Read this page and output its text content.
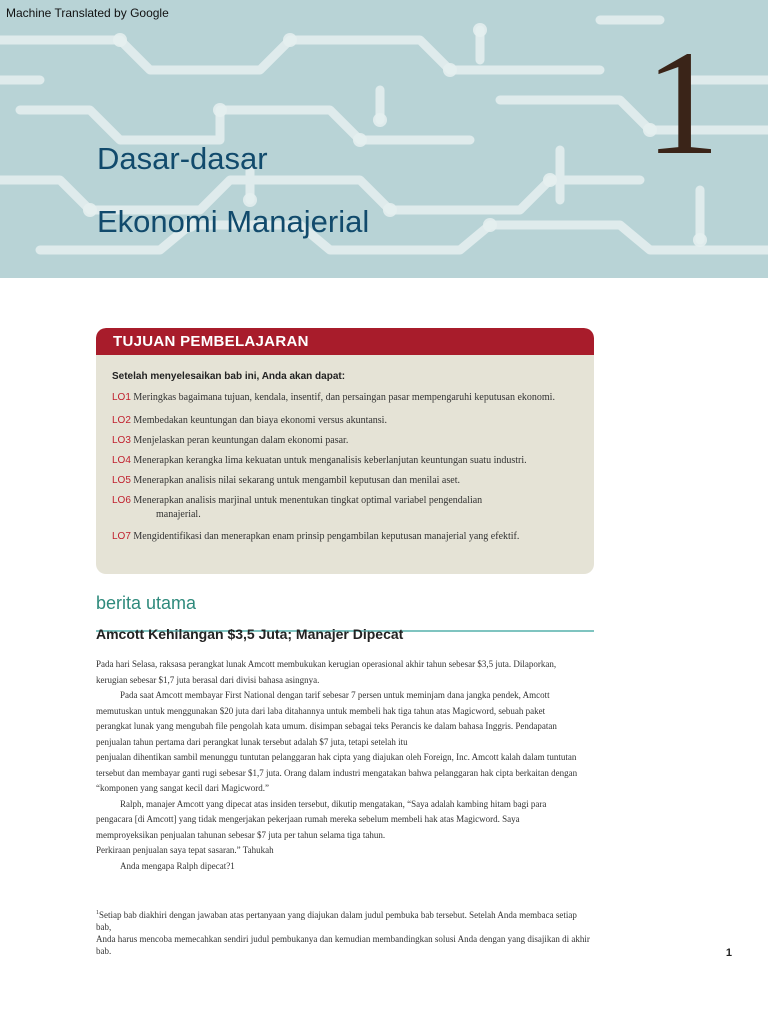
Machine Translated by Google
1
Dasar-dasar
Ekonomi Manajerial
TUJUAN PEMBELAJARAN
Setelah menyelesaikan bab ini, Anda akan dapat:
LO1 Meringkas bagaimana tujuan, kendala, insentif, dan persaingan pasar mempengaruhi keputusan ekonomi.
LO2 Membedakan keuntungan dan biaya ekonomi versus akuntansi.
LO3 Menjelaskan peran keuntungan dalam ekonomi pasar.
LO4 Menerapkan kerangka lima kekuatan untuk menganalisis keberlanjutan keuntungan suatu industri.
LO5 Menerapkan analisis nilai sekarang untuk mengambil keputusan dan menilai aset.
LO6 Menerapkan analisis marjinal untuk menentukan tingkat optimal variabel pengendalian
manajerial.
LO7 Mengidentifikasi dan menerapkan enam prinsip pengambilan keputusan manajerial yang efektif.
berita utama
Amcott Kehilangan $3,5 Juta; Manajer Dipecat

Pada hari Selasa, raksasa perangkat lunak Amcott membukukan kerugian operasional akhir tahun sebesar $3,5 juta. Dilaporkan,

kerugian sebesar $1,7 juta berasal dari divisi bahasa asingnya.

Pada saat Amcott membayar First National dengan tarif sebesar 7 persen untuk meminjam dana jangka pendek, Amcott

memutuskan untuk menggunakan $20 juta dari laba ditahannya untuk membeli hak tiga tahun atas Magicword, sebuah paket

perangkat lunak yang mengubah file pengolah kata umum. disimpan sebagai teks Perancis ke dalam bahasa Inggris. Pendapatan

penjualan tahun pertama dari perangkat lunak tersebut adalah $7 juta, tetapi setelah itu

penjualan dihentikan sambil menunggu tuntutan pelanggaran hak cipta yang diajukan oleh Foreign, Inc. Amcott kalah dalam tuntutan

tersebut dan membayar ganti rugi sebesar $1,7 juta. Orang dalam industri mengatakan bahwa pelanggaran hak cipta berkaitan dengan

“komponen yang sangat kecil dari Magicword.”

Ralph, manajer Amcott yang dipecat atas insiden tersebut, dikutip mengatakan, “Saya adalah kambing hitam bagi para

pengacara [di Amcott] yang tidak mengerjakan pekerjaan rumah mereka sebelum membeli hak atas Magicword. Saya

memproyeksikan penjualan tahunan sebesar $7 juta per tahun selama tiga tahun.

Perkiraan penjualan saya tepat sasaran.” Tahukah

Anda mengapa Ralph dipecat?1

$^1$Setiap bab diakhiri dengan jawaban atas pertanyaan yang diajukan dalam judul pembuka bab tersebut. Setelah Anda membaca setiap bab,

Anda harus mencoba memecahkan sendiri judul pembukanya dan kemudian membandingkan solusi Anda dengan yang disajikan di akhir

bab.	1
